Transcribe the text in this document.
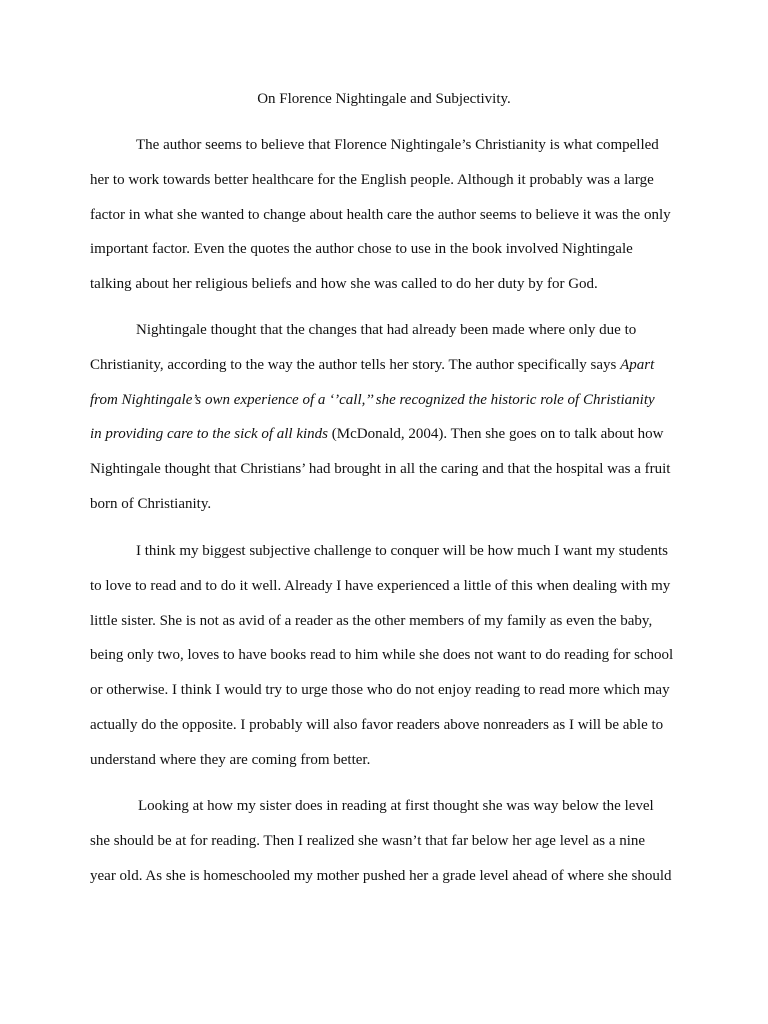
On Florence Nightingale and Subjectivity.
The author seems to believe that Florence Nightingale’s Christianity is what compelled
her to work towards better healthcare for the English people. Although it probably was a large
factor in what she wanted to change about health care the author seems to believe it was the only
important factor. Even the quotes the author chose to use in the book involved Nightingale
talking about her religious beliefs and how she was called to do her duty by for God.
Nightingale thought that the changes that had already been made where only due to
Christianity, according to the way the author tells her story. The author specifically says Apart
from Nightingale’s own experience of a ‘’call,’’ she recognized the historic role of Christianity
in providing care to the sick of all kinds (McDonald, 2004). Then she goes on to talk about how
Nightingale thought that Christians’ had brought in all the caring and that the hospital was a fruit
born of Christianity.
I think my biggest subjective challenge to conquer will be how much I want my students
to love to read and to do it well. Already I have experienced a little of this when dealing with my
little sister. She is not as avid of a reader as the other members of my family as even the baby,
being only two, loves to have books read to him while she does not want to do reading for school
or otherwise. I think I would try to urge those who do not enjoy reading to read more which may
actually do the opposite. I probably will also favor readers above nonreaders as I will be able to
understand where they are coming from better.
Looking at how my sister does in reading at first thought she was way below the level
she should be at for reading. Then I realized she wasn’t that far below her age level as a nine
year old. As she is homeschooled my mother pushed her a grade level ahead of where she should
